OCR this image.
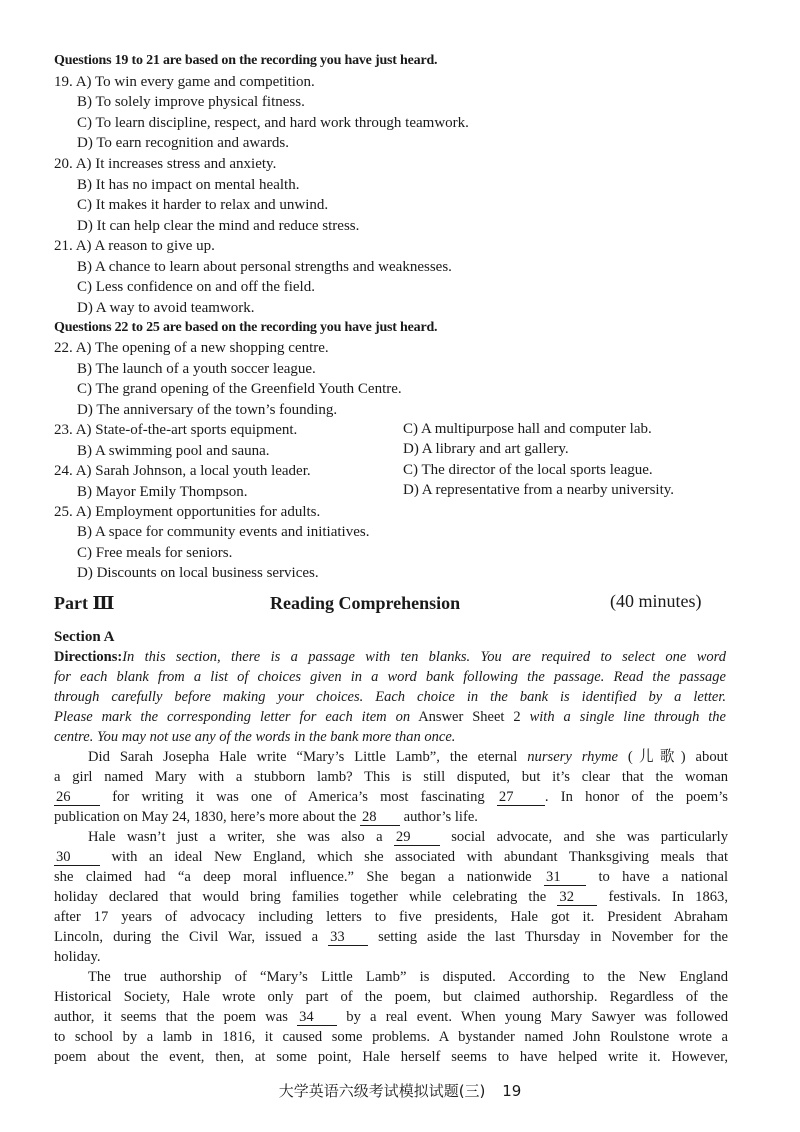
Questions 19 to 21 are based on the recording you have just heard.
19. A) To win every game and competition.
B) To solely improve physical fitness.
C) To learn discipline, respect, and hard work through teamwork.
D) To earn recognition and awards.
20. A) It increases stress and anxiety.
B) It has no impact on mental health.
C) It makes it harder to relax and unwind.
D) It can help clear the mind and reduce stress.
21. A) A reason to give up.
B) A chance to learn about personal strengths and weaknesses.
C) Less confidence on and off the field.
D) A way to avoid teamwork.
Questions 22 to 25 are based on the recording you have just heard.
22. A) The opening of a new shopping centre.
B) The launch of a youth soccer league.
C) The grand opening of the Greenfield Youth Centre.
D) The anniversary of the town’s founding.
23. A) State-of-the-art sports equipment.	C) A multipurpose hall and computer lab.
B) A swimming pool and sauna.	D) A library and art gallery.
24. A) Sarah Johnson, a local youth leader.	C) The director of the local sports league.
B) Mayor Emily Thompson.	D) A representative from a nearby university.
25. A) Employment opportunities for adults.
B) A space for community events and initiatives.
C) Free meals for seniors.
D) Discounts on local business services.
Part Ⅲ	Reading Comprehension	(40 minutes)
Section A
Directions:In this section, there is a passage with ten blanks. You are required to select one word
for each blank from a list of choices given in a word bank following the passage. Read the passage
through carefully before making your choices. Each choice in the bank is identified by a letter.
Please mark the corresponding letter for each item on Answer Sheet 2 with a single line through the
centre. You may not use any of the words in the bank more than once.
Did Sarah Josepha Hale write “Mary’s Little Lamb”, the eternal nursery rhyme (儿歌) about
a girl named Mary with a stubborn lamb? This is still disputed, but it’s clear that the woman
26 for writing it was one of America’s most fascinating 27 . In honor of the poem’s
publication on May 24, 1830, here’s more about the 28 author’s life.
Hale wasn’t just a writer, she was also a 29 social advocate, and she was particularly
30 with an ideal New England, which she associated with abundant Thanksgiving meals that
she claimed had “a deep moral influence.” She began a nationwide 31 to have a national
holiday declared that would bring families together while celebrating the 32 festivals. In 1863,
after 17 years of advocacy including letters to five presidents, Hale got it. President Abraham
Lincoln, during the Civil War, issued a 33 setting aside the last Thursday in November for the
holiday.
The true authorship of “Mary’s Little Lamb” is disputed. According to the New England
Historical Society, Hale wrote only part of the poem, but claimed authorship. Regardless of the
author, it seems that the poem was 34 by a real event. When young Mary Sawyer was followed
to school by a lamb in 1816, it caused some problems. A bystander named John Roulstone wrote a
poem about the event, then, at some point, Hale herself seems to have helped write it. However,
大学英语六级考试模拟试题(三) 19
